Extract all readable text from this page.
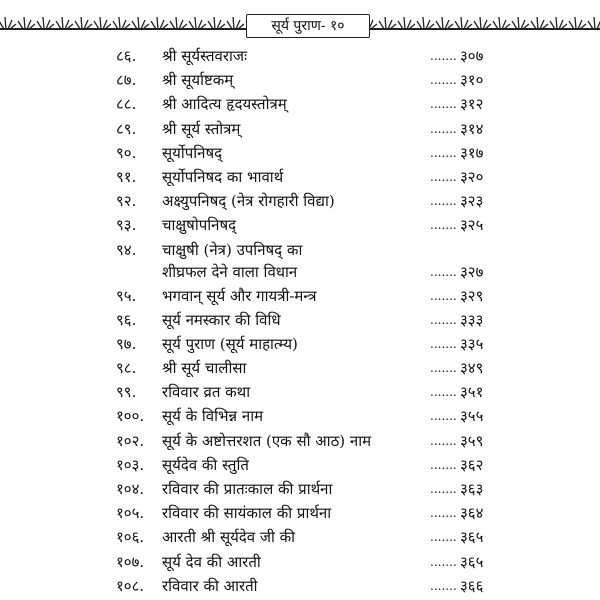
सूर्य पुराण- १०
८६. श्री सूर्यस्तवराजः	....... ३०७
८७. श्री सूर्याष्टकम्	....... ३१०
८८. श्री आदित्य हृदयस्तोत्रम्	....... ३१२
८९. श्री सूर्य स्तोत्रम्	....... ३१४
९०. सूर्योपनिषद्	....... ३१७
९१. सूर्योपनिषद का भावार्थ	....... ३२०
९२. अक्ष्युपनिषद् (नेत्र रोगहारी विद्या)	....... ३२३
९३. चाक्षुषोपनिषद्	....... ३२५
९४. चाक्षुषी (नेत्र) उपनिषद् का
शीघ्रफल देने वाला विधान	....... ३२७
९५. भगवान् सूर्य और गायत्री-मन्त्र	....... ३२९
९६. सूर्य नमस्कार की विधि	....... ३३३
९७. सूर्य पुराण (सूर्य माहात्म्य)	....... ३३५
९८. श्री सूर्य चालीसा	....... ३४९
९९. रविवार व्रत कथा	....... ३५१
१००. सूर्य के विभिन्न नाम	....... ३५५
१०२. सूर्य के अष्टोत्तरशत (एक सौ आठ) नाम	....... ३५९
१०३. सूर्यदेव की स्तुति	....... ३६२
१०४. रविवार की प्रातःकाल की प्रार्थना	....... ३६३
१०५. रविवार की सायंकाल की प्रार्थना	....... ३६४
१०६. आरती श्री सूर्यदेव जी की	....... ३६५
१०७. सूर्य देव की आरती	....... ३६५
१०८. रविवार की आरती	....... ३६६
